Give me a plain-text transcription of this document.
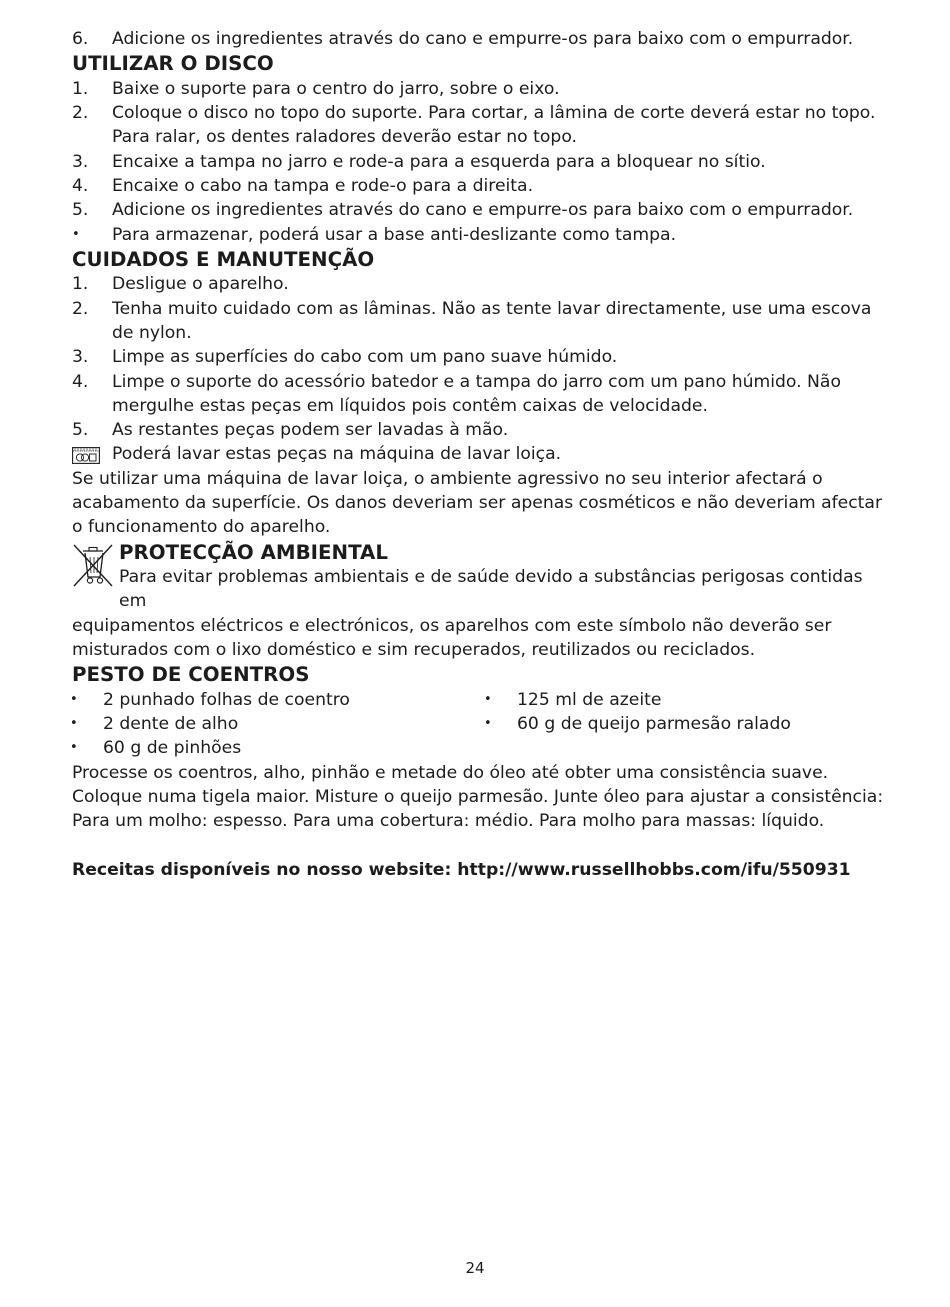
6. Adicione os ingredientes através do cano e empurre-os para baixo com o empurrador.
UTILIZAR O DISCO
1. Baixe o suporte para o centro do jarro, sobre o eixo.
2. Coloque o disco no topo do suporte. Para cortar, a lâmina de corte deverá estar no topo. Para ralar, os dentes raladores deverão estar no topo.
3. Encaixe a tampa no jarro e rode-a para a esquerda para a bloquear no sítio.
4. Encaixe o cabo na tampa e rode-o para a direita.
5. Adicione os ingredientes através do cano e empurre-os para baixo com o empurrador.
• Para armazenar, poderá usar a base anti-deslizante como tampa.
CUIDADOS E MANUTENÇÃO
1. Desligue o aparelho.
2. Tenha muito cuidado com as lâminas. Não as tente lavar directamente, use uma escova de nylon.
3. Limpe as superfícies do cabo com um pano suave húmido.
4. Limpe o suporte do acessório batedor e a tampa do jarro com um pano húmido. Não mergulhe estas peças em líquidos pois contêm caixas de velocidade.
5. As restantes peças podem ser lavadas à mão.
Poderá lavar estas peças na máquina de lavar loiça.
Se utilizar uma máquina de lavar loiça, o ambiente agressivo no seu interior afectará o acabamento da superfície. Os danos deveriam ser apenas cosméticos e não deveriam afectar o funcionamento do aparelho.
PROTECÇÃO AMBIENTAL
Para evitar problemas ambientais e de saúde devido a substâncias perigosas contidas em
equipamentos eléctricos e electrónicos, os aparelhos com este símbolo não deverão ser misturados com o lixo doméstico e sim recuperados, reutilizados ou reciclados.
PESTO DE COENTROS
• 2 punhado folhas de coentro
• 2 dente de alho
• 60 g de pinhões
• 125 ml de azeite
• 60 g de queijo parmesão ralado
Processe os coentros, alho, pinhão e metade do óleo até obter uma consistência suave. Coloque numa tigela maior. Misture o queijo parmesão. Junte óleo para ajustar a consistência: Para um molho: espesso. Para uma cobertura: médio. Para molho para massas: líquido.
Receitas disponíveis no nosso website: http://www.russellhobbs.com/ifu/550931
24
